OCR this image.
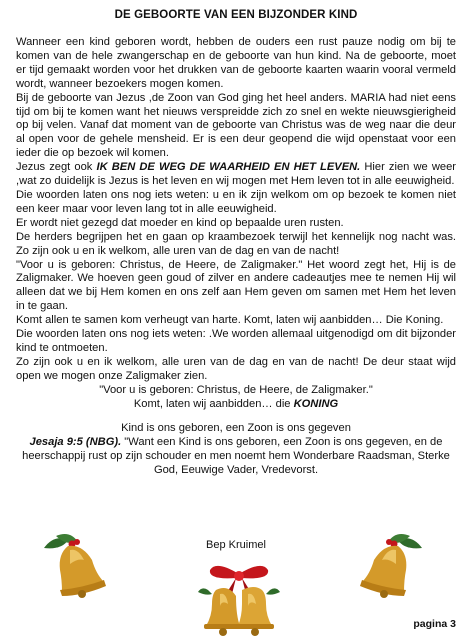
DE GEBOORTE VAN EEN BIJZONDER KIND

Wanneer een kind geboren wordt, hebben de ouders een rust pauze nodig om bij te komen van de hele zwangerschap en de geboorte van hun kind. Na de geboorte, moet er tijd gemaakt worden voor het drukken van de geboorte kaarten waarin vooral vermeld wordt, wanneer bezoekers mogen komen.

Bij de geboorte van Jezus ,de Zoon van God ging het heel anders. MARIA had niet eens tijd om bij te komen want het nieuws verspreidde zich zo snel en wekte nieuwsgierigheid op bij velen. Vanaf dat moment van de geboorte van Christus was de weg naar die deur al open voor de gehele mensheid. Er is een deur geopend die wijd openstaat voor een ieder die op bezoek wil komen.

Jezus zegt ook IK BEN DE WEG DE WAARHEID EN HET LEVEN. Hier zien we weer ,wat zo duidelijk is Jezus is het leven en wij mogen met Hem leven tot in alle eeuwigheid.

Die woorden laten ons nog iets weten: u en ik zijn welkom om op bezoek te komen niet een keer maar voor leven lang tot in alle eeuwigheid.

Er wordt niet gezegd dat moeder en kind op bepaalde uren rusten.

De herders begrijpen het en gaan op kraambezoek terwijl het kennelijk nog nacht was. Zo zijn ook u en ik welkom, alle uren van de dag en van de nacht!

"Voor u is geboren: Christus, de Heere, de Zaligmaker." Het woord zegt het, Hij is de Zaligmaker. We hoeven geen goud of zilver en andere cadeautjes mee te nemen Hij wil alleen dat we bij Hem komen en ons zelf aan Hem geven om samen met Hem het leven in te gaan.

Komt allen te samen kom verheugt van harte. Komt, laten wij aanbidden… Die Koning.

Die woorden laten ons nog iets weten: .We worden allemaal uitgenodigd om dit bijzonder kind te ontmoeten.

Zo zijn ook u en ik welkom, alle uren van de dag en van de nacht! De deur staat wijd open we mogen onze Zaligmaker zien.

"Voor u is geboren: Christus, de Heere, de Zaligmaker."

Komt, laten wij aanbidden… die KONING

Kind is ons geboren, een Zoon is ons gegeven

Jesaja 9:5 (NBG). "Want een Kind is ons geboren, een Zoon is ons gegeven, en de heerschappij rust op zijn schouder en men noemt hem Wonderbare Raadsman, Sterke God, Eeuwige Vader, Vredevorst.

Bep Kruimel
pagina 3
